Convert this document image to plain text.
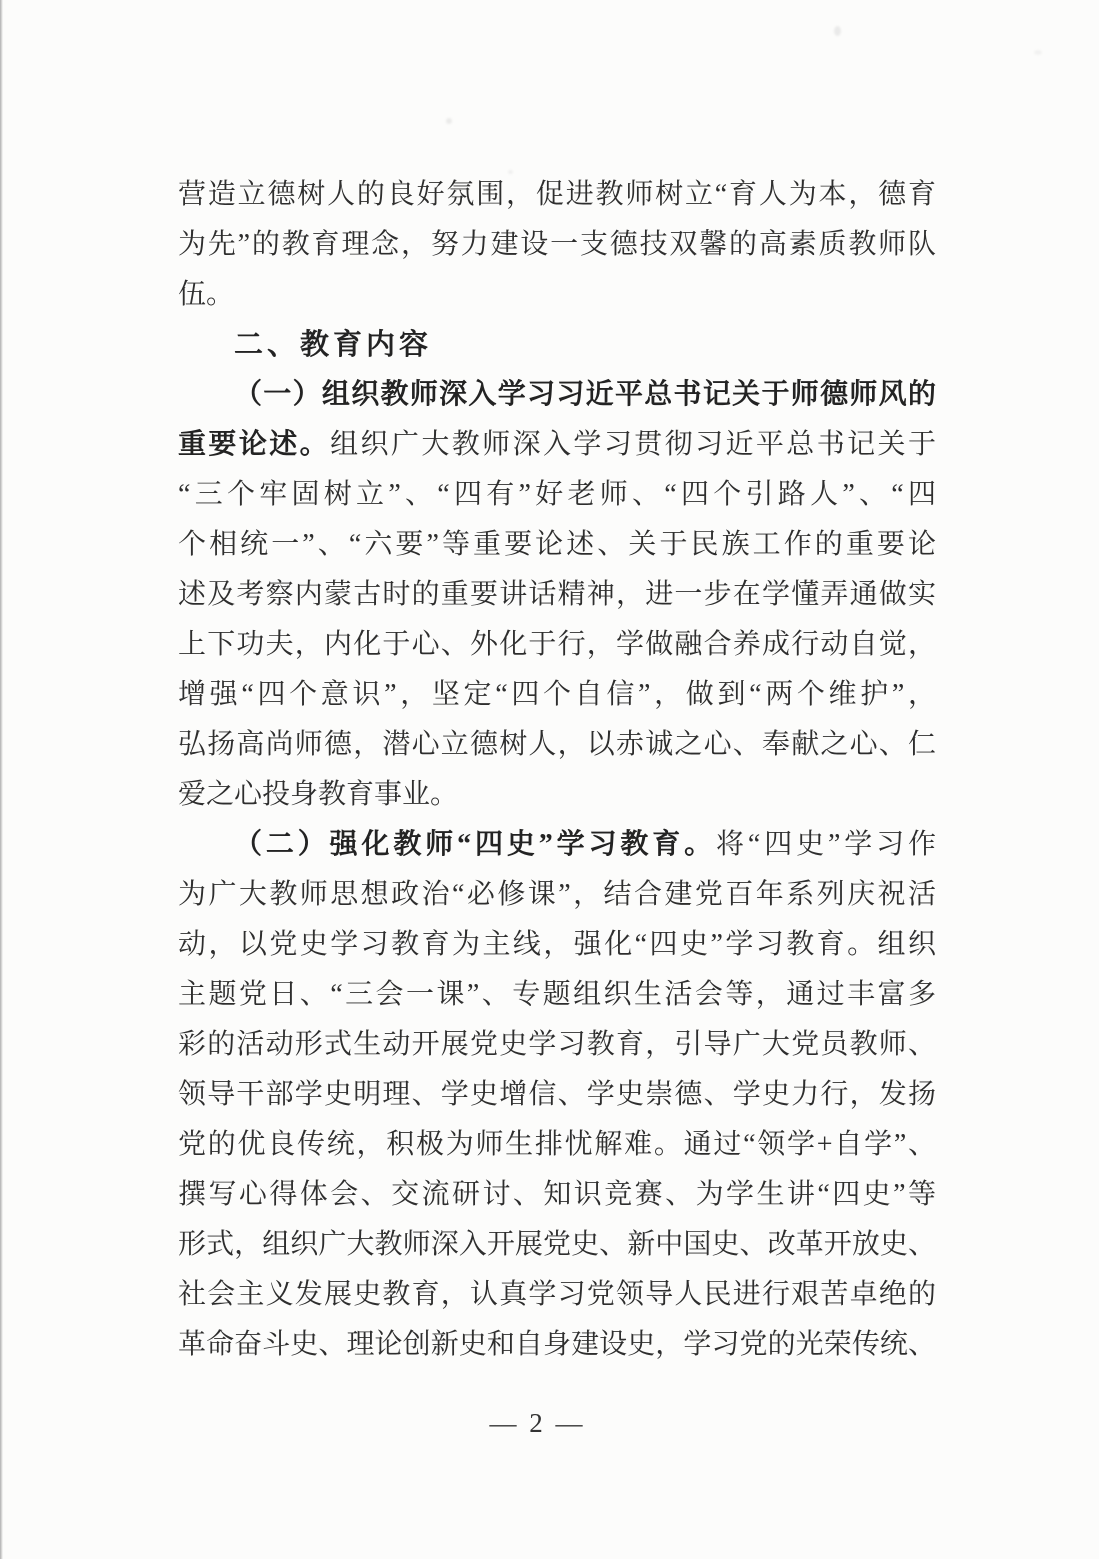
营造立德树人的良好氛围，促进教师树立“育人为本，德育
为先”的教育理念，努力建设一支德技双馨的高素质教师队
伍。
二、教育内容
（一）组织教师深入学习习近平总书记关于师德师风的
重要论述。组织广大教师深入学习贯彻习近平总书记关于
“三个牢固树立”、“四有”好老师、“四个引路人”、“四
个相统一”、“六要”等重要论述、关于民族工作的重要论
述及考察内蒙古时的重要讲话精神，进一步在学懂弄通做实
上下功夫，内化于心、外化于行，学做融合养成行动自觉，
增强“四个意识”，坚定“四个自信”，做到“两个维护”，
弘扬高尚师德，潜心立德树人，以赤诚之心、奉献之心、仁
爱之心投身教育事业。
（二）强化教师“四史”学习教育。将“四史”学习作
为广大教师思想政治“必修课”，结合建党百年系列庆祝活
动，以党史学习教育为主线，强化“四史”学习教育。组织
主题党日、“三会一课”、专题组织生活会等，通过丰富多
彩的活动形式生动开展党史学习教育，引导广大党员教师、
领导干部学史明理、学史增信、学史崇德、学史力行，发扬
党的优良传统，积极为师生排忧解难。通过“领学+自学”、
撰写心得体会、交流研讨、知识竞赛、为学生讲“四史”等
形式，组织广大教师深入开展党史、新中国史、改革开放史、
社会主义发展史教育，认真学习党领导人民进行艰苦卓绝的
革命奋斗史、理论创新史和自身建设史，学习党的光荣传统、
— 2 —
